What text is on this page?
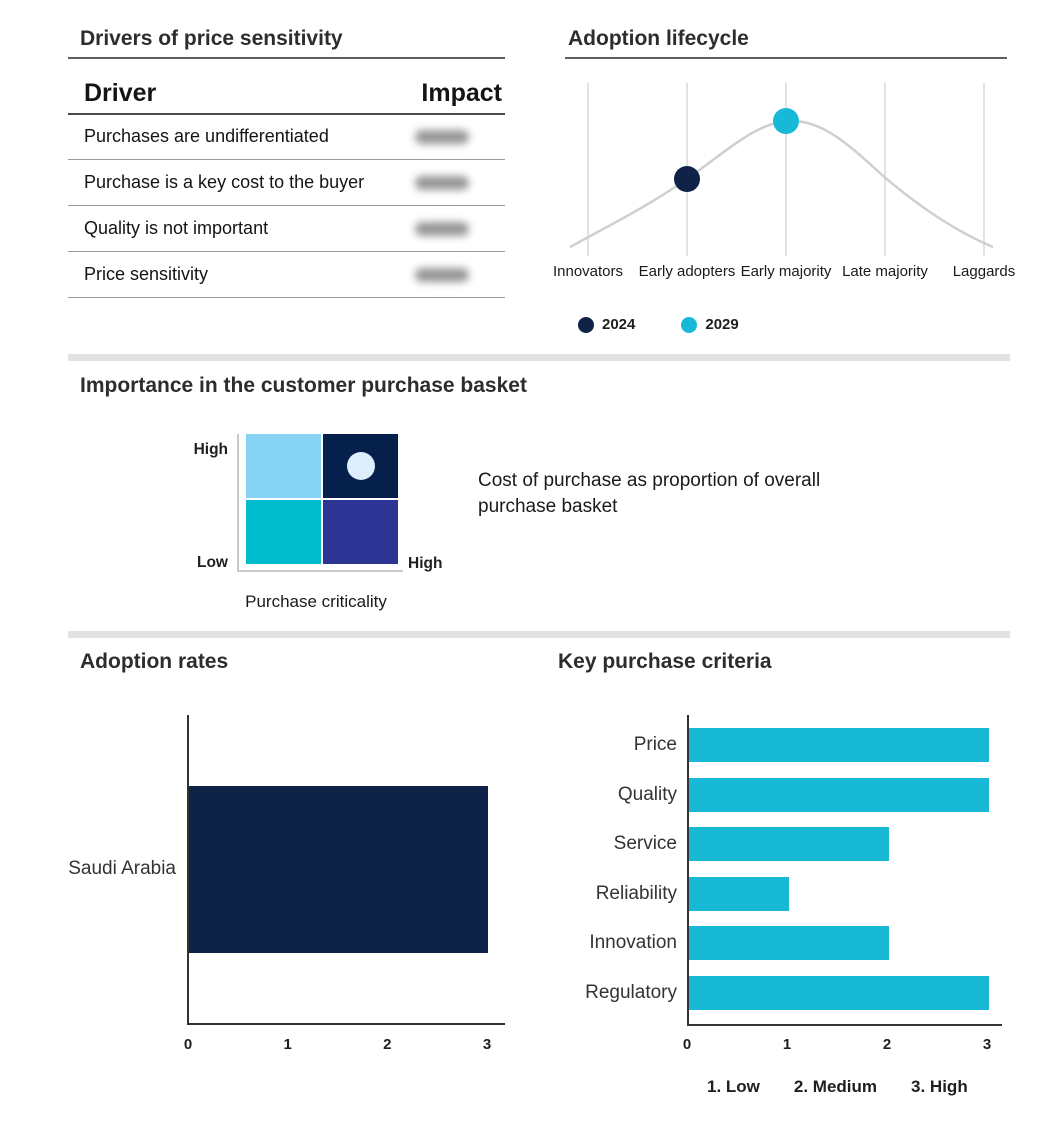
Drivers of price sensitivity
Driver	Impact
Purchases are undifferentiated
Purchase is a key cost to the buyer
Quality is not important
Price sensitivity
Adoption lifecycle
Innovators	Early adopters Early majority Late majority	Laggards
2024	2029
Importance in the customer purchase basket
High
Low	High
Purchase criticality
Cost of purchase as proportion of overall purchase basket
Adoption rates
Saudi Arabia
0	1	2	3
Key purchase criteria
Price
Quality
Service
Reliability
Innovation
Regulatory
0	1	2	3
1. Low 2. Medium 3. High
